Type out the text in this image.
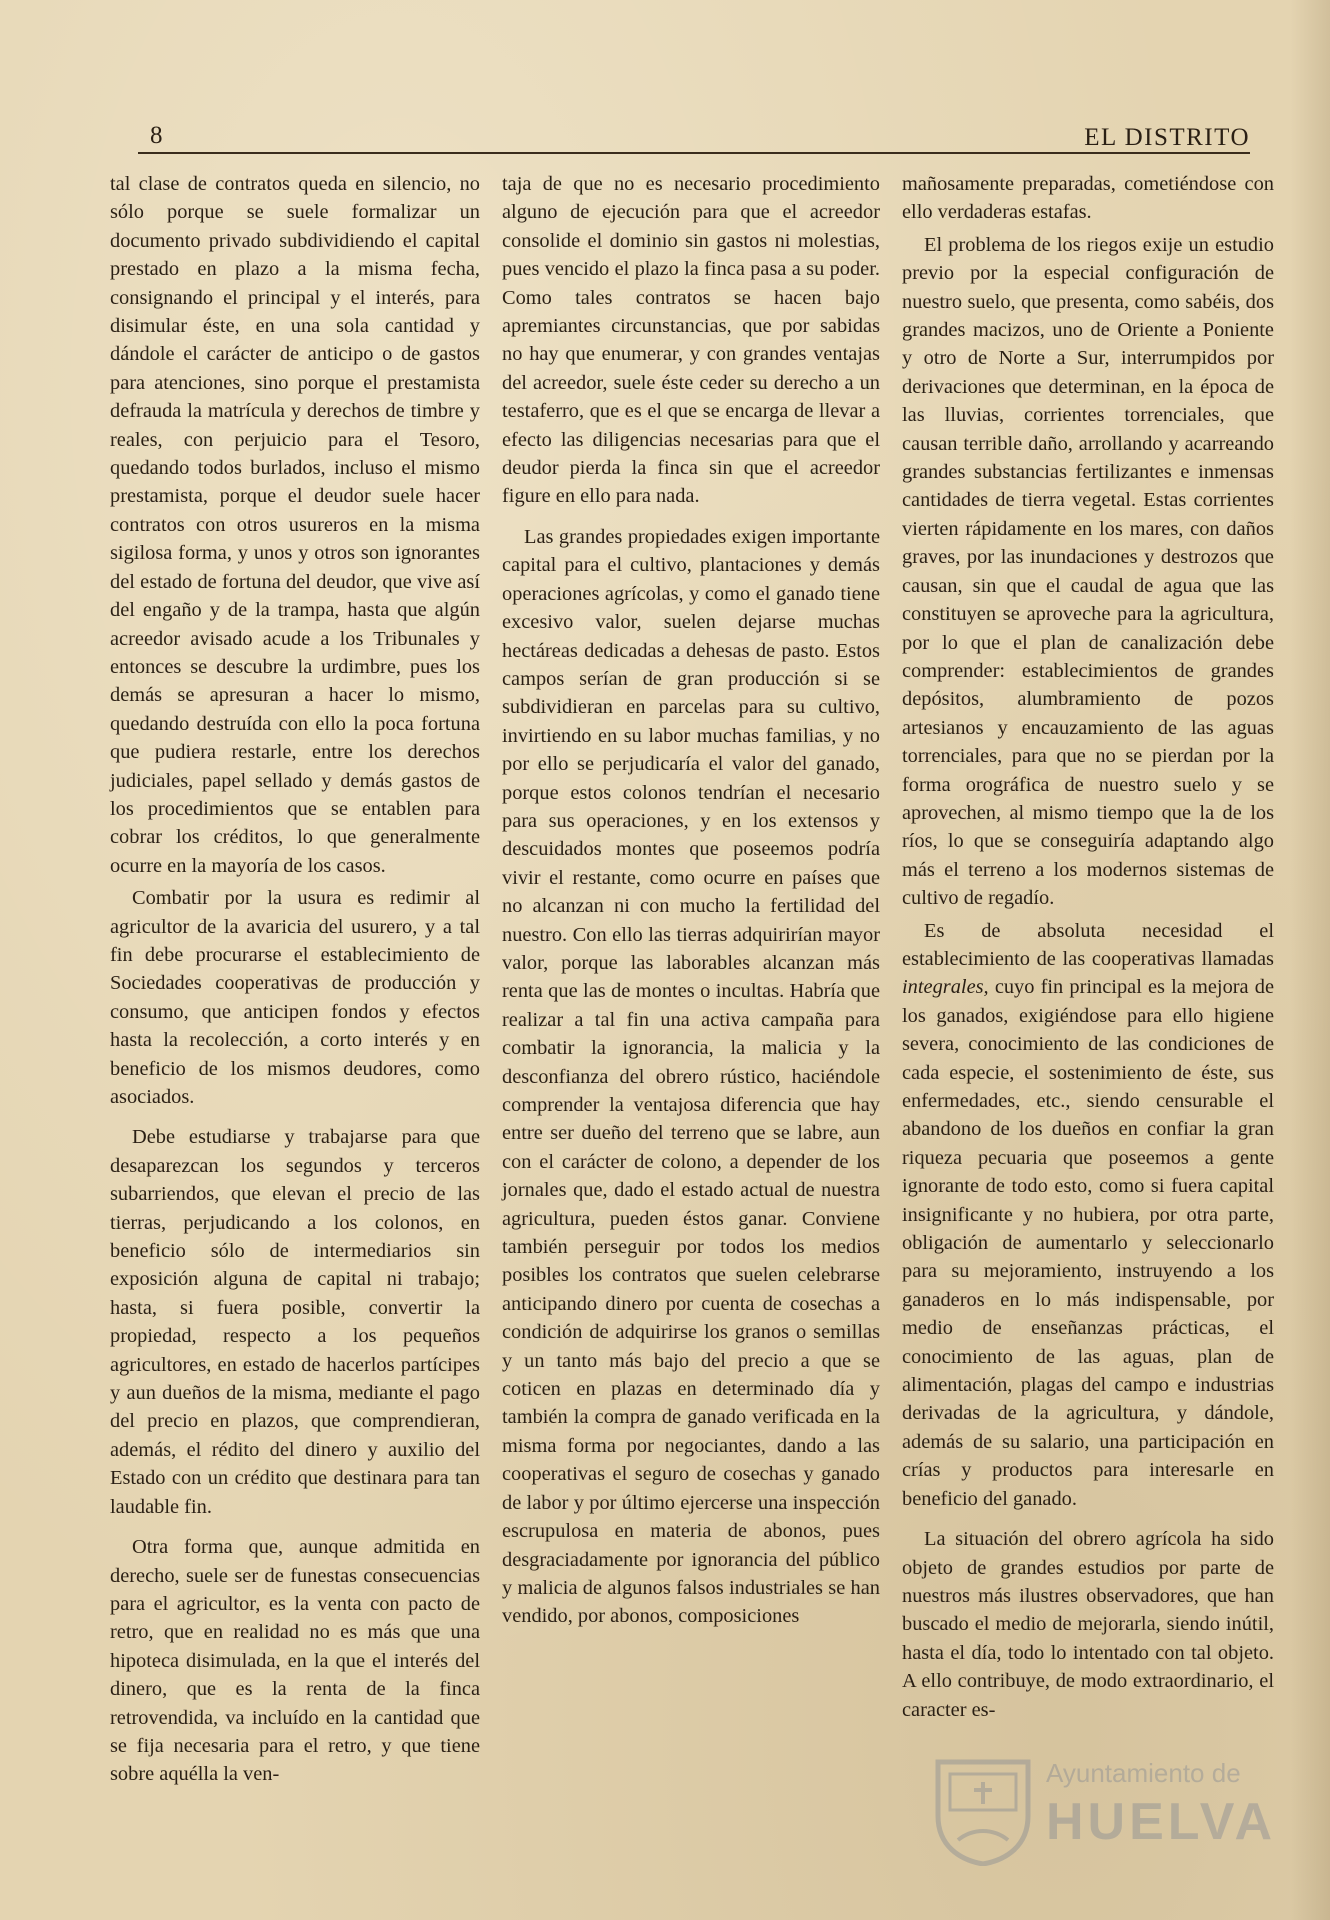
8	EL DISTRITO

tal clase de contratos queda en silencio, no sólo porque se suele formalizar un documento privado subdividiendo el capital prestado en plazo a la misma fecha, consignando el principal y el interés, para disimular éste, en una sola cantidad y dándole el carácter de anticipo o de gastos para atenciones, sino porque el prestamista defrauda la matrícula y derechos de timbre y reales, con perjuicio para el Tesoro, quedando todos burlados, incluso el mismo prestamista, porque el deudor suele hacer contratos con otros usureros en la misma sigilosa forma, y unos y otros son ignorantes del estado de fortuna del deudor, que vive así del engaño y de la trampa, hasta que algún acreedor avisado acude a los Tribunales y entonces se descubre la urdimbre, pues los demás se apresuran a hacer lo mismo, quedando destruída con ello la poca fortuna que pudiera restarle, entre los derechos judiciales, papel sellado y demás gastos de los procedimientos que se entablen para cobrar los créditos, lo que generalmente ocurre en la mayoría de los casos.

Combatir por la usura es redimir al agricultor de la avaricia del usurero, y a tal fin debe procurarse el establecimiento de Sociedades cooperativas de producción y consumo, que anticipen fondos y efectos hasta la recolección, a corto interés y en beneficio de los mismos deudores, como asociados.

Debe estudiarse y trabajarse para que desaparezcan los segundos y terceros subarriendos, que elevan el precio de las tierras, perjudicando a los colonos, en beneficio sólo de intermediarios sin exposición alguna de capital ni trabajo; hasta, si fuera posible, convertir la propiedad, respecto a los pequeños agricultores, en estado de hacerlos partícipes y aun dueños de la misma, mediante el pago del precio en plazos, que comprendieran, además, el rédito del dinero y auxilio del Estado con un crédito que destinara para tan laudable fin.

Otra forma que, aunque admitida en derecho, suele ser de funestas consecuencias para el agricultor, es la venta con pacto de retro, que en realidad no es más que una hipoteca disimulada, en la que el interés del dinero, que es la renta de la finca retrovendida, va incluído en la cantidad que se fija necesaria para el retro, y que tiene sobre aquélla la ven-

taja de que no es necesario procedimiento alguno de ejecución para que el acreedor consolide el dominio sin gastos ni molestias, pues vencido el plazo la finca pasa a su poder. Como tales contratos se hacen bajo apremiantes circunstancias, que por sabidas no hay que enumerar, y con grandes ventajas del acreedor, suele éste ceder su derecho a un testaferro, que es el que se encarga de llevar a efecto las diligencias necesarias para que el deudor pierda la finca sin que el acreedor figure en ello para nada.

Las grandes propiedades exigen importante capital para el cultivo, plantaciones y demás operaciones agrícolas, y como el ganado tiene excesivo valor, suelen dejarse muchas hectáreas dedicadas a dehesas de pasto. Estos campos serían de gran producción si se subdividieran en parcelas para su cultivo, invirtiendo en su labor muchas familias, y no por ello se perjudicaría el valor del ganado, porque estos colonos tendrían el necesario para sus operaciones, y en los extensos y descuidados montes que poseemos podría vivir el restante, como ocurre en países que no alcanzan ni con mucho la fertilidad del nuestro. Con ello las tierras adquirirían mayor valor, porque las laborables alcanzan más renta que las de montes o incultas. Habría que realizar a tal fin una activa campaña para combatir la ignorancia, la malicia y la desconfianza del obrero rústico, haciéndole comprender la ventajosa diferencia que hay entre ser dueño del terreno que se labre, aun con el carácter de colono, a depender de los jornales que, dado el estado actual de nuestra agricultura, pueden éstos ganar. Conviene también perseguir por todos los medios posibles los contratos que suelen celebrarse anticipando dinero por cuenta de cosechas a condición de adquirirse los granos o semillas y un tanto más bajo del precio a que se coticen en plazas en determinado día y también la compra de ganado verificada en la misma forma por negociantes, dando a las cooperativas el seguro de cosechas y ganado de labor y por último ejercerse una inspección escrupulosa en materia de abonos, pues desgraciadamente por ignorancia del público y malicia de algunos falsos industriales se han vendido, por abonos, composiciones

mañosamente preparadas, cometiéndose con ello verdaderas estafas.

El problema de los riegos exije un estudio previo por la especial configuración de nuestro suelo, que presenta, como sabéis, dos grandes macizos, uno de Oriente a Poniente y otro de Norte a Sur, interrumpidos por derivaciones que determinan, en la época de las lluvias, corrientes torrenciales, que causan terrible daño, arrollando y acarreando grandes substancias fertilizantes e inmensas cantidades de tierra vegetal. Estas corrientes vierten rápidamente en los mares, con daños graves, por las inundaciones y destrozos que causan, sin que el caudal de agua que las constituyen se aproveche para la agricultura, por lo que el plan de canalización debe comprender: establecimientos de grandes depósitos, alumbramiento de pozos artesianos y encauzamiento de las aguas torrenciales, para que no se pierdan por la forma orográfica de nuestro suelo y se aprovechen, al mismo tiempo que la de los ríos, lo que se conseguiría adaptando algo más el terreno a los modernos sistemas de cultivo de regadío.

Es de absoluta necesidad el establecimiento de las cooperativas llamadas integrales, cuyo fin principal es la mejora de los ganados, exigiéndose para ello higiene severa, conocimiento de las condiciones de cada especie, el sostenimiento de éste, sus enfermedades, etc., siendo censurable el abandono de los dueños en confiar la gran riqueza pecuaria que poseemos a gente ignorante de todo esto, como si fuera capital insignificante y no hubiera, por otra parte, obligación de aumentarlo y seleccionarlo para su mejoramiento, instruyendo a los ganaderos en lo más indispensable, por medio de enseñanzas prácticas, el conocimiento de las aguas, plan de alimentación, plagas del campo e industrias derivadas de la agricultura, y dándole, además de su salario, una participación en crías y productos para interesarle en beneficio del ganado.

La situación del obrero agrícola ha sido objeto de grandes estudios por parte de nuestros más ilustres observadores, que han buscado el medio de mejorarla, siendo inútil, hasta el día, todo lo intentado con tal objeto. A ello contribuye, de modo extraordinario, el caracter es-

Ayuntamiento de
HUELVA
